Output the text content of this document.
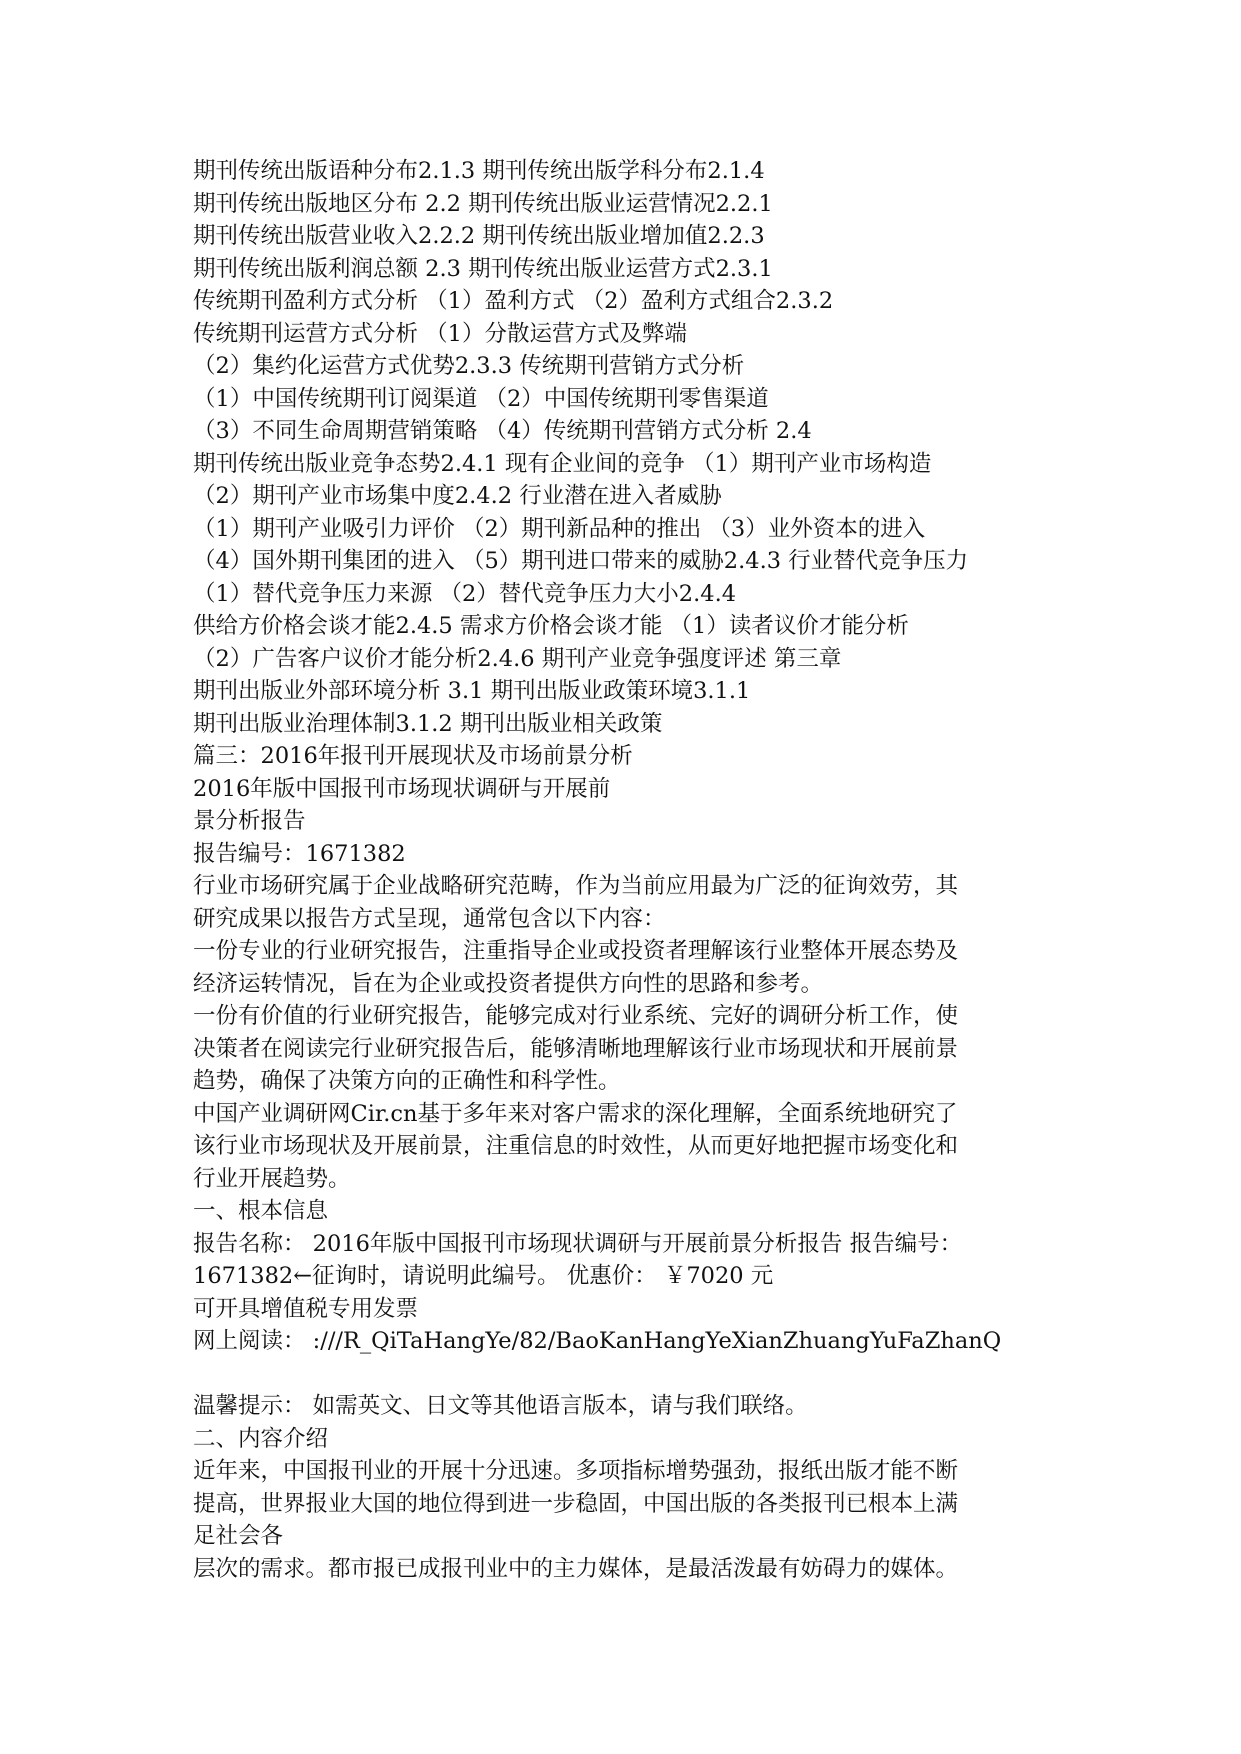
期刊传统出版语种分布2.1.3 期刊传统出版学科分布2.1.4
期刊传统出版地区分布 2.2 期刊传统出版业运营情况2.2.1
期刊传统出版营业收入2.2.2 期刊传统出版业增加值2.2.3
期刊传统出版利润总额 2.3 期刊传统出版业运营方式2.3.1
传统期刊盈利方式分析 （1）盈利方式 （2）盈利方式组合2.3.2
传统期刊运营方式分析 （1）分散运营方式及弊端
（2）集约化运营方式优势2.3.3 传统期刊营销方式分析
（1）中国传统期刊订阅渠道 （2）中国传统期刊零售渠道
（3）不同生命周期营销策略 （4）传统期刊营销方式分析 2.4
期刊传统出版业竞争态势2.4.1 现有企业间的竞争 （1）期刊产业市场构造
（2）期刊产业市场集中度2.4.2 行业潜在进入者威胁
（1）期刊产业吸引力评价 （2）期刊新品种的推出 （3）业外资本的进入
（4）国外期刊集团的进入 （5）期刊进口带来的威胁2.4.3 行业替代竞争压力
（1）替代竞争压力来源 （2）替代竞争压力大小2.4.4
供给方价格会谈才能2.4.5 需求方价格会谈才能 （1）读者议价才能分析
（2）广告客户议价才能分析2.4.6 期刊产业竞争强度评述 第三章
期刊出版业外部环境分析 3.1 期刊出版业政策环境3.1.1
期刊出版业治理体制3.1.2 期刊出版业相关政策
篇三：2016年报刊开展现状及市场前景分析
2016年版中国报刊市场现状调研与开展前
景分析报告
报告编号：1671382
行业市场研究属于企业战略研究范畴，作为当前应用最为广泛的征询效劳，其
研究成果以报告方式呈现，通常包含以下内容：
一份专业的行业研究报告，注重指导企业或投资者理解该行业整体开展态势及
经济运转情况，旨在为企业或投资者提供方向性的思路和参考。
一份有价值的行业研究报告，能够完成对行业系统、完好的调研分析工作，使
决策者在阅读完行业研究报告后，能够清晰地理解该行业市场现状和开展前景
趋势，确保了决策方向的正确性和科学性。
中国产业调研网Cir.cn基于多年来对客户需求的深化理解，全面系统地研究了
该行业市场现状及开展前景，注重信息的时效性，从而更好地把握市场变化和
行业开展趋势。
一、根本信息
报告名称： 2016年版中国报刊市场现状调研与开展前景分析报告 报告编号：
1671382←征询时，请说明此编号。 优惠价： ￥7020 元
可开具增值税专用发票
网上阅读： :///R_QiTaHangYe/82/BaoKanHangYeXianZhuangYuFaZhanQ
温馨提示： 如需英文、日文等其他语言版本，请与我们联络。
二、内容介绍
近年来，中国报刊业的开展十分迅速。多项指标增势强劲，报纸出版才能不断
提高，世界报业大国的地位得到进一步稳固，中国出版的各类报刊已根本上满
足社会各
层次的需求。都市报已成报刊业中的主力媒体，是最活泼最有妨碍力的媒体。
